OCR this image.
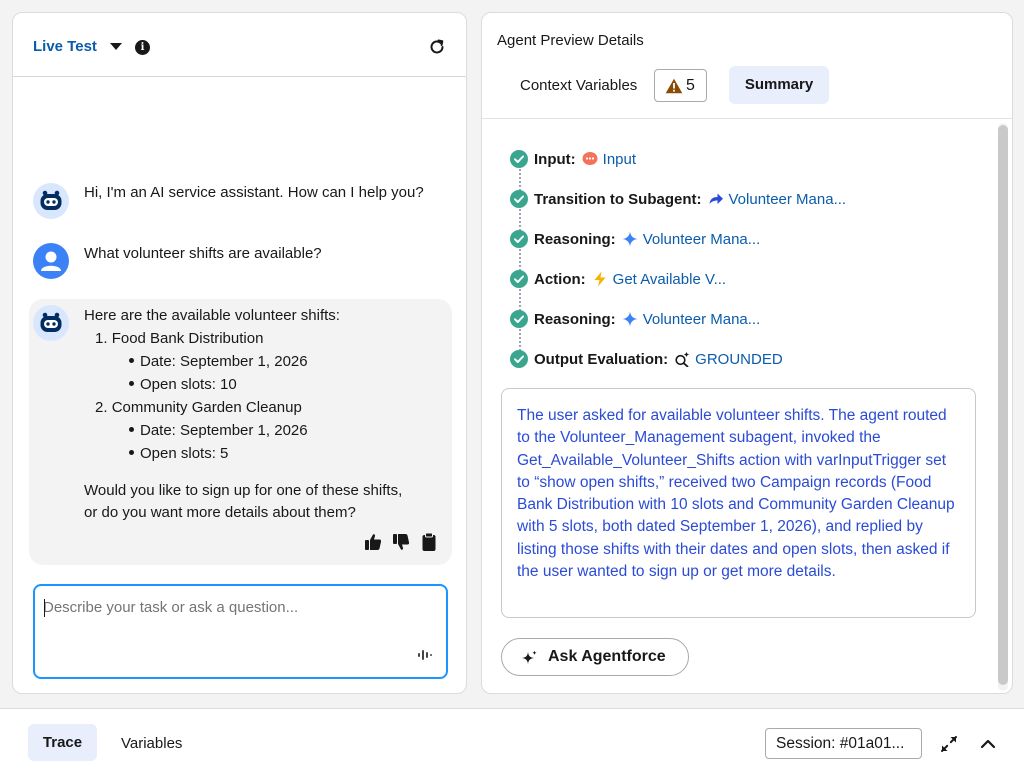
Live Test	i
Hi, I'm an AI service assistant. How can I help you?
What volunteer shifts are available?
Here are the available volunteer shifts:
1. Food Bank Distribution
Date: September 1, 2026
Open slots: 10
2. Community Garden Cleanup
Date: September 1, 2026
Open slots: 5
Would you like to sign up for one of these shifts,
or do you want more details about them?
Describe your task or ask a question...
Agent Preview Details
Context Variables	5	Summary
Input: Input
Transition to Subagent: Volunteer Mana...
Reasoning: Volunteer Mana...
Action: Get Available V...
Reasoning: Volunteer Mana...
Output Evaluation: GROUNDED

The user asked for available volunteer shifts. The agent routed to the Volunteer_Management subagent, invoked the Get_Available_Volunteer_Shifts action with varInputTrigger set to “show open shifts,” received two Campaign records (Food Bank Distribution with 10 slots and Community Garden Cleanup with 5 slots, both dated September 1, 2026), and replied by listing those shifts with their dates and open slots, then asked if the user wanted to sign up or get more details.

Ask Agentforce
Trace	Variables	Session: #01a01...
